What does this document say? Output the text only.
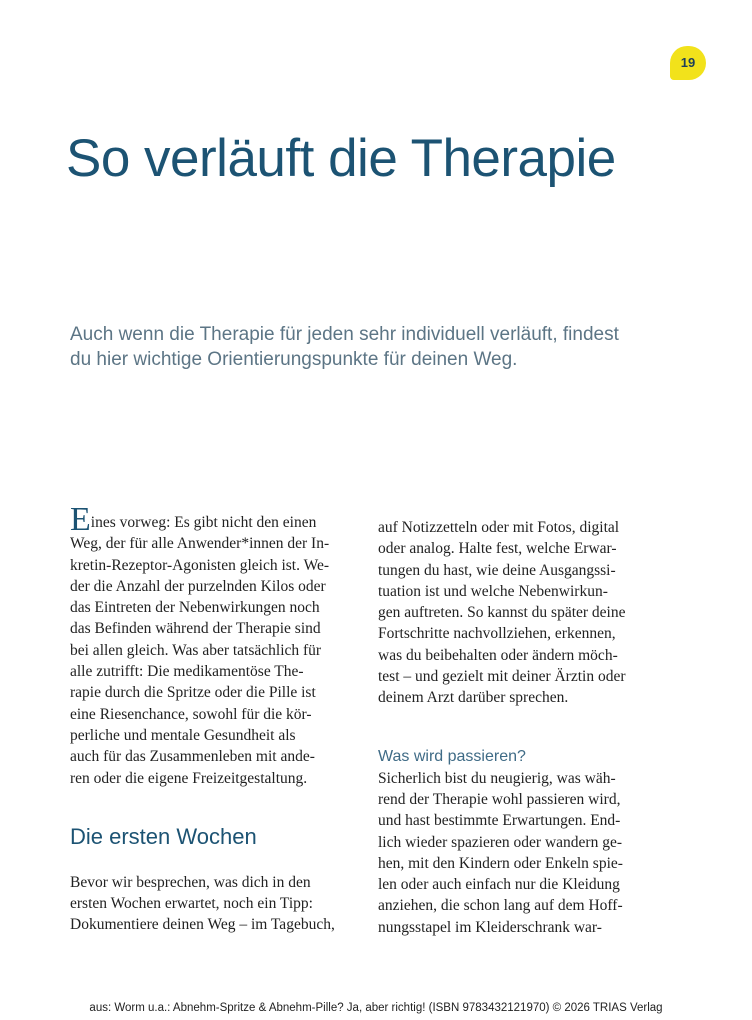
19
So verläuft die Therapie

Auch wenn die Therapie für jeden sehr individuell verläuft, findest
du hier wichtige Orientierungspunkte für deinen Weg.

Eines vorweg: Es gibt nicht den einen
Weg, der für alle Anwender*innen der In-
kretin-Rezeptor-Agonisten gleich ist. We-
der die Anzahl der purzelnden Kilos oder
das Eintreten der Nebenwirkungen noch
das Befinden während der Therapie sind
bei allen gleich. Was aber tatsächlich für
alle zutrifft: Die medikamentöse The-
rapie durch die Spritze oder die Pille ist
eine Riesenchance, sowohl für die kör-
perliche und mentale Gesundheit als
auch für das Zusammenleben mit ande-
ren oder die eigene Freizeitgestaltung.
Die ersten Wochen
Bevor wir besprechen, was dich in den
ersten Wochen erwartet, noch ein Tipp:
Dokumentiere deinen Weg – im Tagebuch,
auf Notizzetteln oder mit Fotos, digital
oder analog. Halte fest, welche Erwar-
tungen du hast, wie deine Ausgangssi-
tuation ist und welche Nebenwirkun-
gen auftreten. So kannst du später deine
Fortschritte nachvollziehen, erkennen,
was du beibehalten oder ändern möch-
test – und gezielt mit deiner Ärztin oder
deinem Arzt darüber sprechen.
Was wird passieren?
Sicherlich bist du neugierig, was wäh-
rend der Therapie wohl passieren wird,
und hast bestimmte Erwartungen. End-
lich wieder spazieren oder wandern ge-
hen, mit den Kindern oder Enkeln spie-
len oder auch einfach nur die Kleidung
anziehen, die schon lang auf dem Hoff-
nungsstapel im Kleiderschrank war-
aus: Worm u.a.: Abnehm-Spritze & Abnehm-Pille? Ja, aber richtig! (ISBN 9783432121970) © 2026 TRIAS Verlag
